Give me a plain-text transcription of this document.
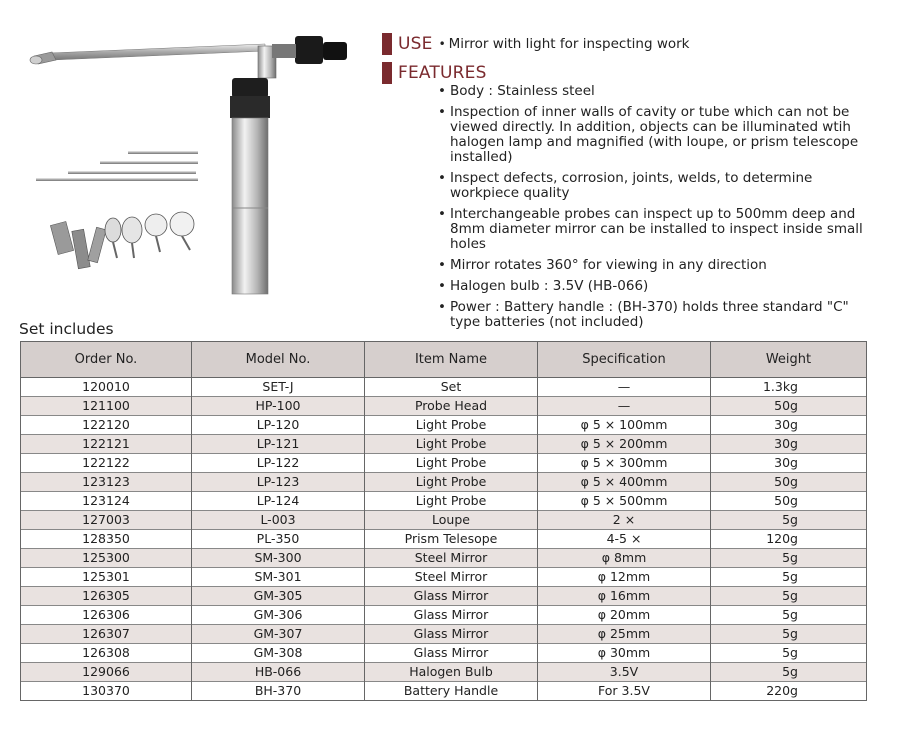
USE • Mirror with light for inspecting work
FEATURES
• Body : Stainless steel
• Inspection of inner walls of cavity or tube which can not be viewed directly. In addition, objects can be illuminated wtih halogen lamp and magnified (with loupe, or prism telescope installed)
• Inspect defects, corrosion, joints, welds, to determine workpiece quality
• Interchangeable probes can inspect up to 500mm deep and 8mm diameter mirror can be installed to inspect inside small holes
• Mirror rotates 360° for viewing in any direction
• Halogen bulb : 3.5V (HB-066)
• Power : Battery handle : (BH-370) holds three standard "C" type batteries (not included)
Set includes
Order No.	Model No.	Item Name	Specification	Weight
120010	SET-J	Set	—	1.3kg
121100	HP-100	Probe Head	—	50g
122120	LP-120	Light Probe	φ 5 × 100mm	30g
122121	LP-121	Light Probe	φ 5 × 200mm	30g
122122	LP-122	Light Probe	φ 5 × 300mm	30g
123123	LP-123	Light Probe	φ 5 × 400mm	50g
123124	LP-124	Light Probe	φ 5 × 500mm	50g
127003	L-003	Loupe	2 ×	5g
128350	PL-350	Prism Telesope	4-5 ×	120g
125300	SM-300	Steel Mirror	φ 8mm	5g
125301	SM-301	Steel Mirror	φ 12mm	5g
126305	GM-305	Glass Mirror	φ 16mm	5g
126306	GM-306	Glass Mirror	φ 20mm	5g
126307	GM-307	Glass Mirror	φ 25mm	5g
126308	GM-308	Glass Mirror	φ 30mm	5g
129066	HB-066	Halogen Bulb	3.5V	5g
130370	BH-370	Battery Handle	For 3.5V	220g
